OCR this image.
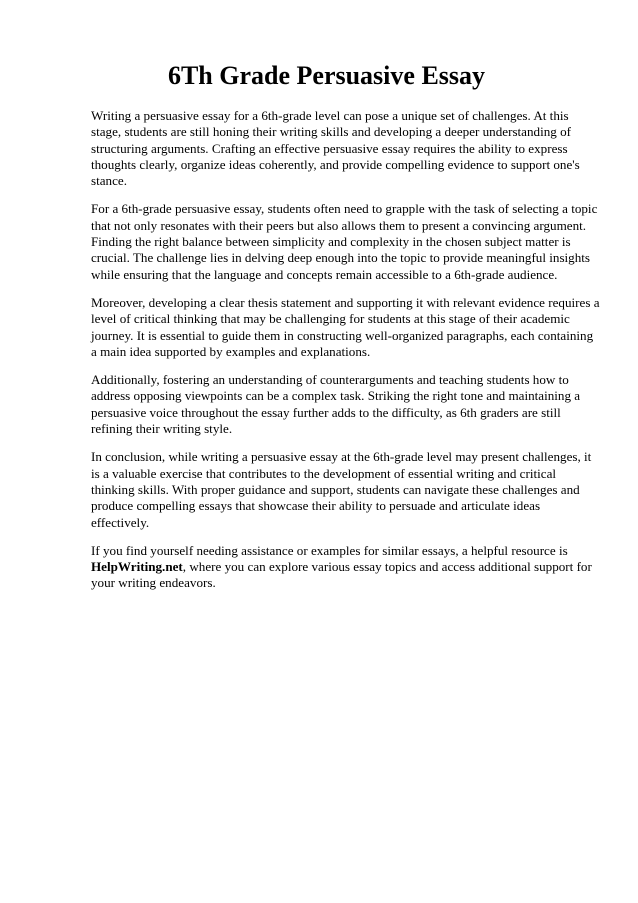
6Th Grade Persuasive Essay

Writing a persuasive essay for a 6th-grade level can pose a unique set of challenges. At this stage, students are still honing their writing skills and developing a deeper understanding of structuring arguments. Crafting an effective persuasive essay requires the ability to express thoughts clearly, organize ideas coherently, and provide compelling evidence to support one's stance.

For a 6th-grade persuasive essay, students often need to grapple with the task of selecting a topic that not only resonates with their peers but also allows them to present a convincing argument. Finding the right balance between simplicity and complexity in the chosen subject matter is crucial. The challenge lies in delving deep enough into the topic to provide meaningful insights while ensuring that the language and concepts remain accessible to a 6th-grade audience.

Moreover, developing a clear thesis statement and supporting it with relevant evidence requires a level of critical thinking that may be challenging for students at this stage of their academic journey. It is essential to guide them in constructing well-organized paragraphs, each containing a main idea supported by examples and explanations.

Additionally, fostering an understanding of counterarguments and teaching students how to address opposing viewpoints can be a complex task. Striking the right tone and maintaining a persuasive voice throughout the essay further adds to the difficulty, as 6th graders are still refining their writing style.

In conclusion, while writing a persuasive essay at the 6th-grade level may present challenges, it is a valuable exercise that contributes to the development of essential writing and critical thinking skills. With proper guidance and support, students can navigate these challenges and produce compelling essays that showcase their ability to persuade and articulate ideas effectively.

If you find yourself needing assistance or examples for similar essays, a helpful resource is HelpWriting.net, where you can explore various essay topics and access additional support for your writing endeavors.
